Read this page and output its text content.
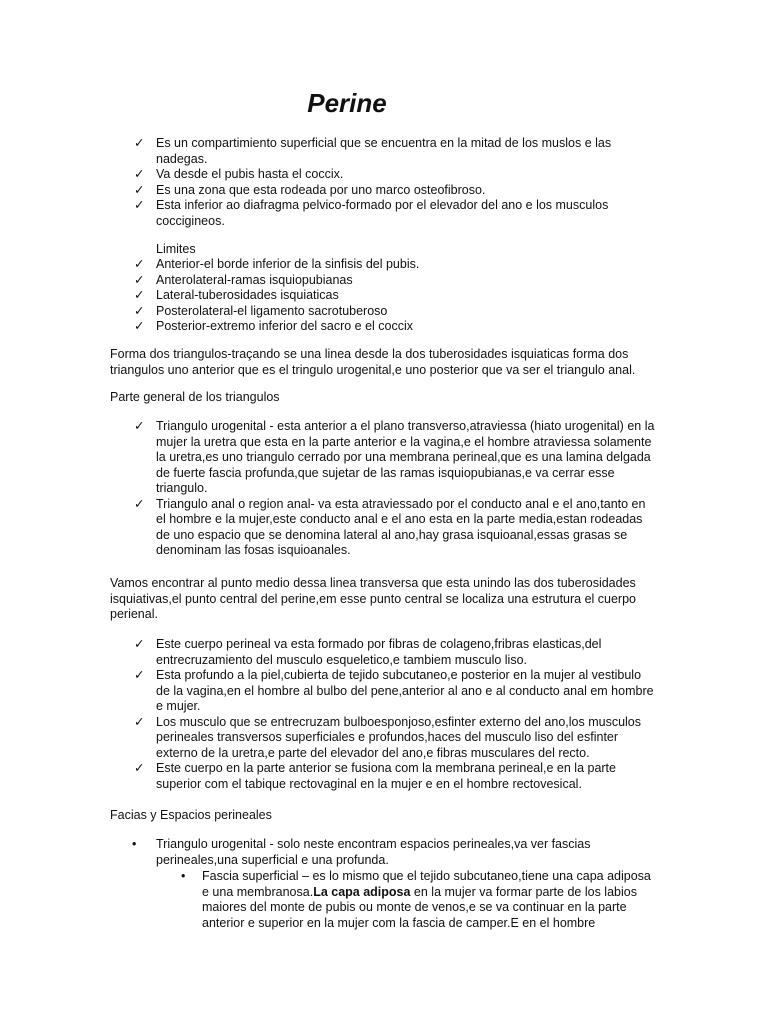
Perine
✓ Es un compartimiento superficial que se encuentra en la mitad de los muslos e las nadegas.
✓ Va desde el pubis hasta el coccix.
✓ Es una zona que esta rodeada por uno marco osteofibroso.
✓ Esta inferior ao diafragma pelvico-formado por el elevador del ano e los musculos coccigineos.
Limites
✓ Anterior-el borde inferior de la sinfisis del pubis.
✓ Anterolateral-ramas isquiopubianas
✓ Lateral-tuberosidades isquiaticas
✓ Posterolateral-el ligamento sacrotuberoso
✓ Posterior-extremo inferior del sacro e el coccix

Forma dos triangulos-traçando se una linea desde la dos tuberosidades isquiaticas forma dos triangulos uno anterior que es el tringulo urogenital,e uno posterior que va ser el triangulo anal.

Parte general de los triangulos

✓ Triangulo urogenital - esta anterior a el plano transverso,atraviessa (hiato urogenital) en la mujer la uretra que esta en la parte anterior e la vagina,e el hombre atraviessa solamente la uretra,es uno triangulo cerrado por una membrana perineal,que es una lamina delgada de fuerte fascia profunda,que sujetar de las ramas isquiopubianas,e va cerrar esse triangulo.
✓ Triangulo anal o region anal- va esta atraviessado por el conducto anal e el ano,tanto en el hombre e la mujer,este conducto anal e el ano esta en la parte media,estan rodeadas de uno espacio que se denomina lateral al ano,hay grasa isquioanal,essas grasas se denominam las fosas isquioanales.

Vamos encontrar al punto medio dessa linea transversa que esta unindo las dos tuberosidades isquiativas,el punto central del perine,em esse punto central se localiza una estrutura el cuerpo perienal.

✓ Este cuerpo perineal va esta formado por fibras de colageno,fribras elasticas,del entrecruzamiento del musculo esqueletico,e tambiem musculo liso.
✓ Esta profundo a la piel,cubierta de tejido subcutaneo,e posterior en la mujer al vestibulo de la vagina,en el hombre al bulbo del pene,anterior al ano e al conducto anal em hombre e mujer.
✓ Los musculo que se entrecruzam bulboesponjoso,esfinter externo del ano,los musculos perineales transversos superficiales e profundos,haces del musculo liso del esfinter externo de la uretra,e parte del elevador del ano,e fibras musculares del recto.
✓ Este cuerpo en la parte anterior se fusiona com la membrana perineal,e en la parte superior com el tabique rectovaginal en la mujer e en el hombre rectovesical.

Facias y Espacios perineales

• Triangulo urogenital - solo neste encontram espacios perineales,va ver fascias perineales,una superficial e una profunda.
• Fascia superficial – es lo mismo que el tejido subcutaneo,tiene una capa adiposa e una membranosa.La capa adiposa en la mujer va formar parte de los labios maiores del monte de pubis ou monte de venos,e se va continuar en la parte anterior e superior en la mujer com la fascia de camper.E en el hombre
